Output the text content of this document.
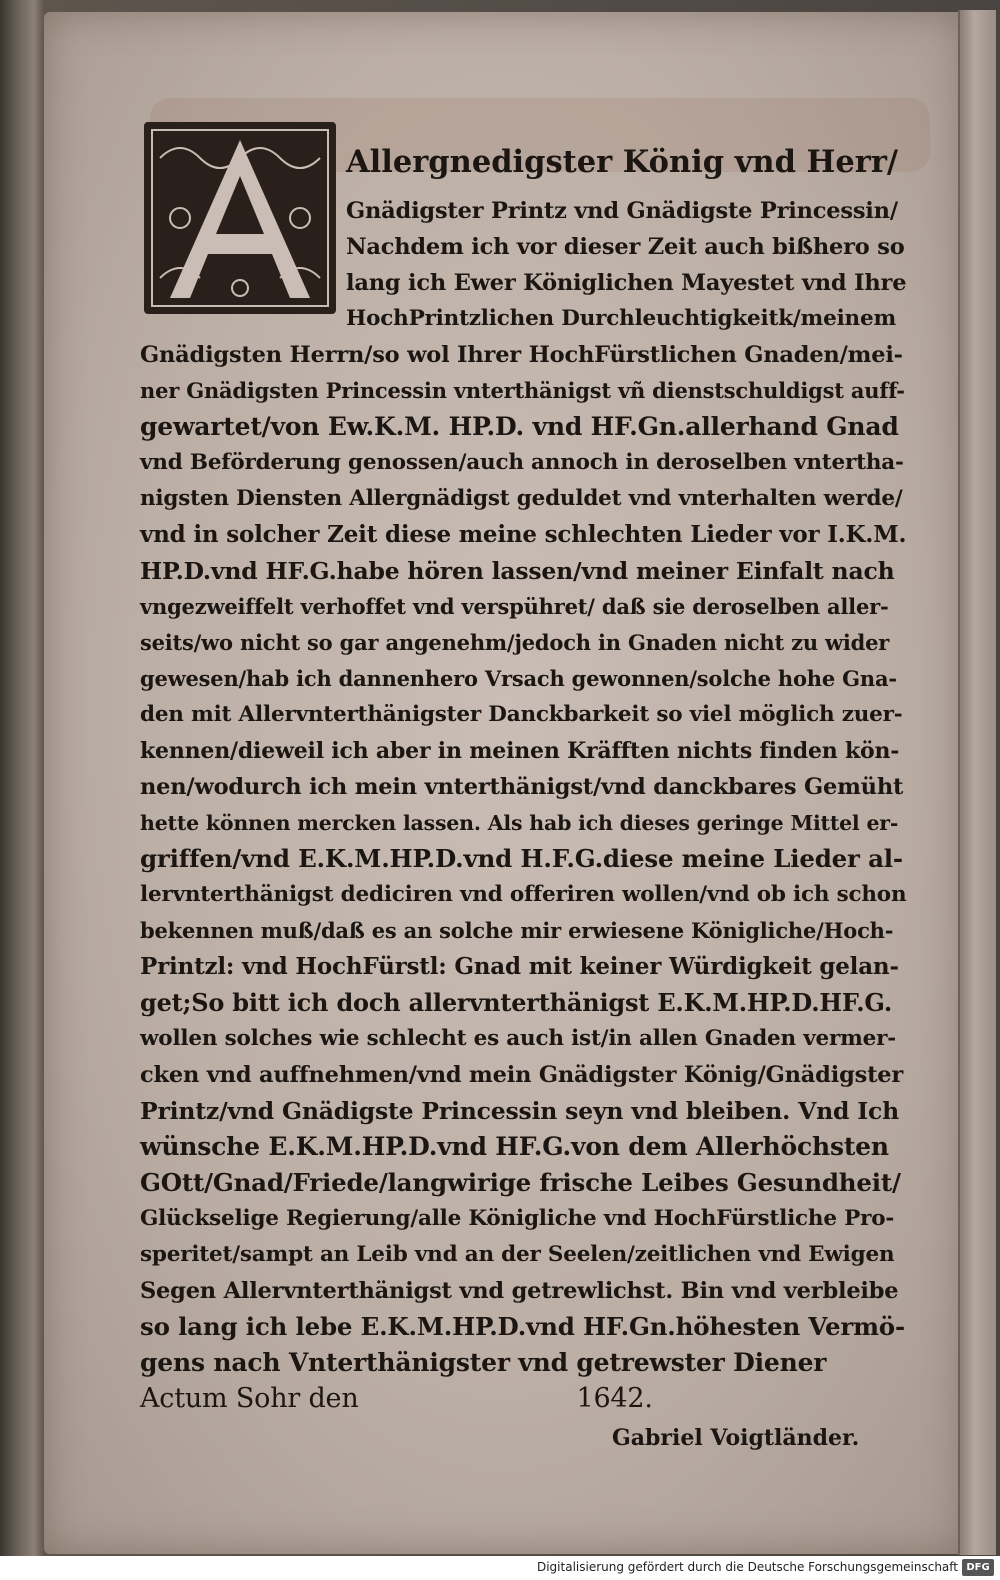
Allergnedigster König vnd Herr/
Gnädigster Printz vnd Gnädigste Princessin/
Nachdem ich vor dieser Zeit auch bißhero so
lang ich Ewer Königlichen Mayestet vnd Ihre
HochPrintzlichen Durchleuchtigkeitk/meinem
Gnädigsten Herrn/so wol Ihrer HochFürstlichen Gnaden/mei-
ner Gnädigsten Princessin vnterthänigst vñ dienstschuldigst auff-
gewartet/von Ew.K.M. HP.D. vnd HF.Gn.allerhand Gnad
vnd Beförderung genossen/auch annoch in deroselben vntertha-
nigsten Diensten Allergnädigst geduldet vnd vnterhalten werde/
vnd in solcher Zeit diese meine schlechten Lieder vor I.K.M.
HP.D.vnd HF.G.habe hören lassen/vnd meiner Einfalt nach
vngezweiffelt verhoffet vnd verspühret/ daß sie deroselben aller-
seits/wo nicht so gar angenehm/jedoch in Gnaden nicht zu wider
gewesen/hab ich dannenhero Vrsach gewonnen/solche hohe Gna-
den mit Allervnterthänigster Danckbarkeit so viel möglich zuer-
kennen/dieweil ich aber in meinen Kräfften nichts finden kön-
nen/wodurch ich mein vnterthänigst/vnd danckbares Gemüht
hette können mercken lassen. Als hab ich dieses geringe Mittel er-
griffen/vnd E.K.M.HP.D.vnd H.F.G.diese meine Lieder al-
lervnterthänigst dediciren vnd offeriren wollen/vnd ob ich schon
bekennen muß/daß es an solche mir erwiesene Königliche/Hoch-
Printzl: vnd HochFürstl: Gnad mit keiner Würdigkeit gelan-
get;So bitt ich doch allervnterthänigst E.K.M.HP.D.HF.G.
wollen solches wie schlecht es auch ist/in allen Gnaden vermer-
cken vnd auffnehmen/vnd mein Gnädigster König/Gnädigster
Printz/vnd Gnädigste Princessin seyn vnd bleiben. Vnd Ich
wünsche E.K.M.HP.D.vnd HF.G.von dem Allerhöchsten
GOtt/Gnad/Friede/langwirige frische Leibes Gesundheit/
Glückselige Regierung/alle Königliche vnd HochFürstliche Pro-
speritet/sampt an Leib vnd an der Seelen/zeitlichen vnd Ewigen
Segen Allervnterthänigst vnd getrewlichst. Bin vnd verbleibe
so lang ich lebe E.K.M.HP.D.vnd HF.Gn.höhesten Vermö-
gens nach Vnterthänigster vnd getrewster Diener
Actum Sohr den                          1642.
Gabriel Voigtländer.
Digitalisierung gefördert durch die Deutsche Forschungsgemeinschaft DFG
